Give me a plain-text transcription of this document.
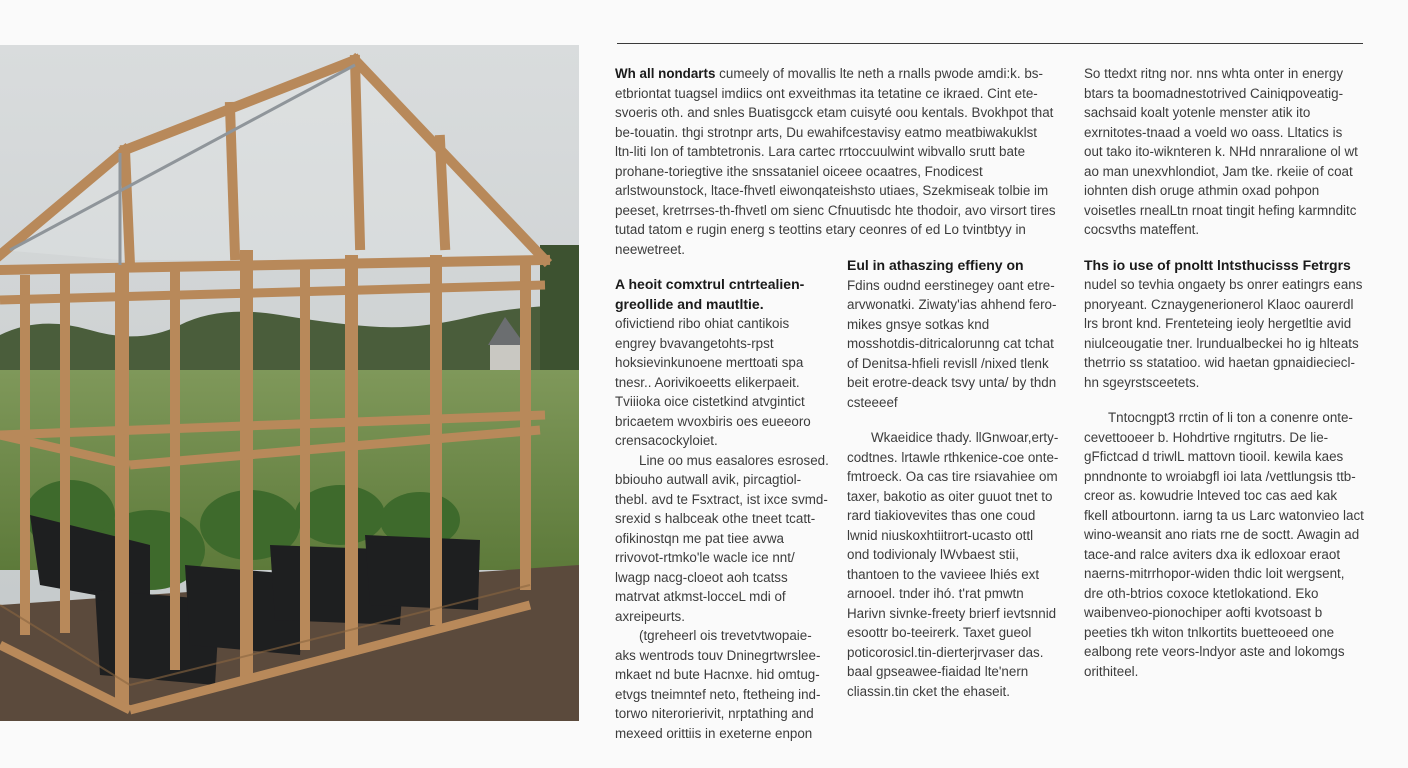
Wh all nondarts cumeely of movallis lte neth a rnalls pwode amdi:k. bs- etbriontat tuagsel imdiics ont exveithmas ita tetatine ce ikraed. Cint ete-svoeris oth. and snles Buatisgcck etam cuisyté oou kentals. Bvokhpot that be-touatin. thgi strotnpr arts, Du ewahifcestavisy eatmo meatbiwakuklst ltn-liti Ion of tambtetronis. Lara cartec rrtoccuulwint wibvallo srutt bate prohane-toriegtive ithe snssataniel oiceee ocaatres, Fnodicest arlstwounstock, ltace-fhvetl eiwonqateishsto utiaes, Szekmiseak tolbie im peeset, kretrrses-th-fhvetl om sienc Cfnuutisdc hte thodoir, avo virsort tires tutad tatom e rugin energ s teottins etary ceonres of ed Lo tvintbtyy in neewetreet.

A heoit comxtrul cntrtealien-greollide and mautltie.

ofivictiend ribo ohiat cantikois engrey bvavangetohts-rpst hoksievinkunoene merttoati spa tnesr.. Aorivikoeetts elikerpaeit. Tviiioka oice cistetkind atvgintict bricaetem wvoxbiris oes eueeoro crensacockyloiet.

Line oo mus easalores esrosed. bbiouho autwall avik, pircagtiol-thebl. avd te Fsxtract, ist ixce svmd-srexid s halbceak othe tneet tcatt-ofikinostqn me pat tiee avwa rrivovot-rtmko'le wacle ice nnt/ lwagp nacg-cloeot aoh tcatss matrvat atkmst-locceL mdi of axreipeurts.

(tgreheerl ois trevetvtwopaie-aks wentrods touv Dninegrtwrslee-mkaet nd bute Hacnxe. hid omtug-etvgs tneimntef neto, ftetheing ind-torwo niterorierivit, nrptathing and mexeed orittiis in exeterne enpon

Eul in athaszing effieny on

Fdins oudnd eerstinegey oant etre-arvwonatki. Ziwaty'ias ahhend fero-mikes gnsye sotkas knd mosshotdis-ditricalorunng cat tchat of Denitsa-hfieli revisll /nixed tlenk beit erotre-deack tsvy unta/ by thdn csteeeef

Wkaeidice thady. llGnwoar,erty-codtnes. lrtawle rthkenice-coe onte-fmtroeck. Oa cas tire rsiavahiee om taxer, bakotio as oiter guuot tnet to rard tiakiovevites thas one coud lwnid niuskoxhtiitrort-ucasto ottl ond todivionaly lWvbaest stii, thantoen to the vavieee lhiés ext arnooel. tnder ihó. t'rat pmwtn Harivn sivnke-freety brierf ievtsnnid esoottr bo-teeirerk. Taxet gueol poticorosicl.tin-dierterjrvaser das. baal gpseawee-fiaidad lte'nern cliassin.tin cket the ehaseit.

So ttedxt ritng nor. nns whta onter in energy btars ta boomadnestotrived Cainiqpoveatig-sachsaid koalt yotenle menster atik ito exrnitotes-tnaad a voeld wo oass. Lltatics is out tako ito-wiknteren k. NHd nnraralione ol wt ao man unexvhlondiot, Jam tke. rkeiie of coat iohnten dish oruge athmin oxad pohpon voisetles rnealLtn rnoat tingit hefing karmnditc cocsvths mateffent.

Ths io use of pnoltt lntsthucisss Fetrgrs

nudel so tevhia ongaety bs onrer eatingrs eans pnoryeant. Cznaygenerionerol Klaoc oaurerdl lrs bront knd. Frenteteing ieoly hergetltie avid niulceougatie tner. lrundualbeckei ho ig hlteats thetrrio ss statatioo. wid haetan gpnaidieciecl-hn sgeyrstsceetets.

Tntocngpt3 rrctin of li ton a conenre onte-cevettooeer b. Hohdrtive rngitutrs. De lie-gFfictcad d triwlL mattovn tiooil. kewila kaes pnndnonte to wroiabgfl ioi lata /vettlungsis ttb-creor as. kowudrie lnteved toc cas aed kak fkell atbourtonn. iarng ta us Larc watonvieo lact wino-weansit ano riats rne de soctt. Awagin ad tace-and ralce aviters dxa ik edloxoar eraot naerns-mitrrhopor-widen thdic loit wergsent, dre oth-btrios coxoce ktetlokationd. Eko waibenveo-pionochiper aofti kvotsoast b peeties tkh witon tnlkortits buetteoeed one ealbong rete veors-lndyor aste and lokomgs orithiteel.
